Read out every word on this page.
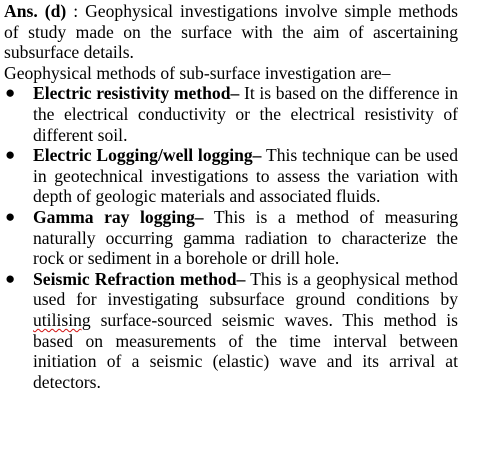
Ans. (d) : Geophysical investigations involve simple methods of study made on the surface with the aim of ascertaining subsurface details.
Geophysical methods of sub-surface investigation are–
● Electric resistivity method– It is based on the difference in the electrical conductivity or the electrical resistivity of different soil.
● Electric Logging/well logging– This technique can be used in geotechnical investigations to assess the variation with depth of geologic materials and associated fluids.
● Gamma ray logging– This is a method of measuring naturally occurring gamma radiation to characterize the rock or sediment in a borehole or drill hole.
● Seismic Refraction method– This is a geophysical method used for investigating subsurface ground conditions by utilising surface-sourced seismic waves. This method is based on measurements of the time interval between initiation of a seismic (elastic) wave and its arrival at detectors.
